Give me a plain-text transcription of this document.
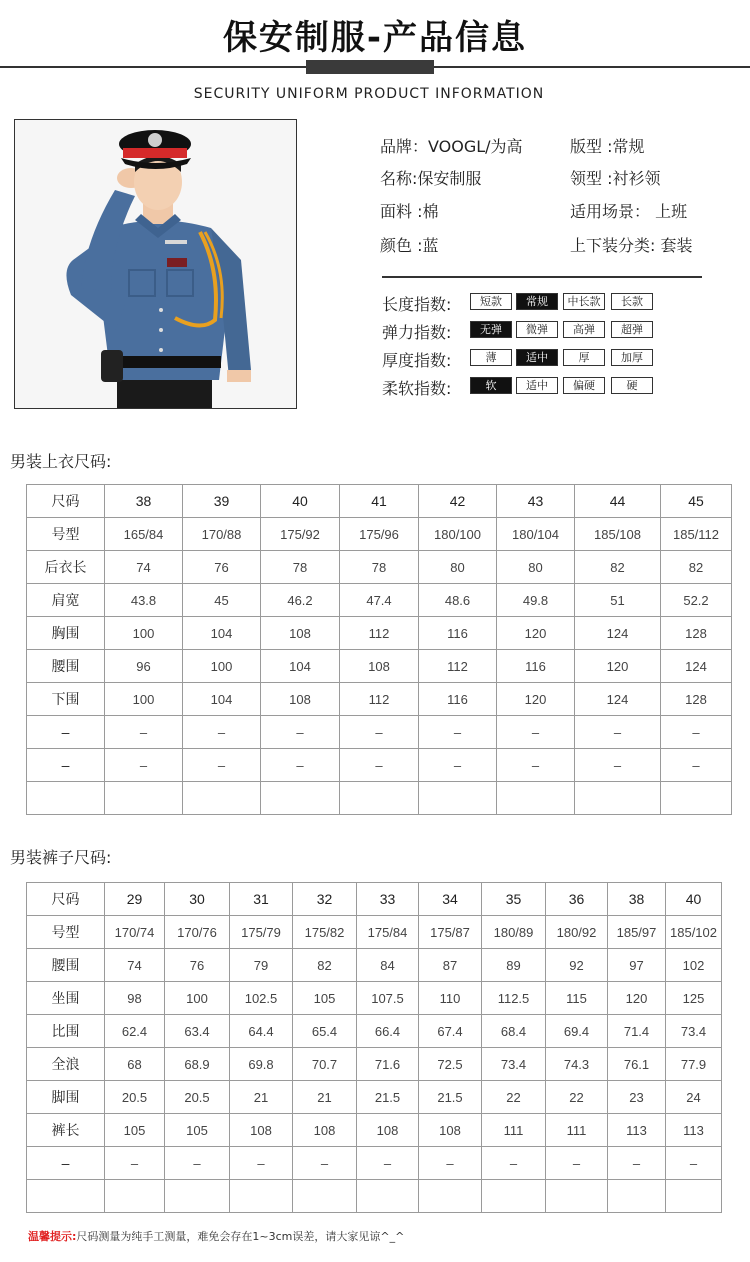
保安制服-产品信息
SECURITY UNIFORM PRODUCT INFORMATION
品牌：VOOGL/为高
名称:保安制服
面料 :棉
颜色 :蓝
版型 :常规
领型 :衬衫领
适用场景： 上班
上下装分类: 套装
长度指数:
弹力指数:
厚度指数:
柔软指数:
短款	常规	中长款	长款
无弹	微弹	高弹	超弹
薄	适中	厚	加厚
软	适中	偏硬	硬
男装上衣尺码:
尺码	38	39	40	41	42	43	44	45
号型	165/84	170/88	175/92	175/96	180/100	180/104	185/108	185/112
后衣长	74	76	78	78	80	80	82	82
肩宽	43.8	45	46.2	47.4	48.6	49.8	51	52.2
胸围	100	104	108	112	116	120	124	128
腰围	96	100	104	108	112	116	120	124
下围	100	104	108	112	116	120	124	128
–	–	–	–	–	–	–	–	–
–	–	–	–	–	–	–	–	–

男装裤子尺码:
尺码	29	30	31	32	33	34	35	36	38	40
号型	170/74	170/76	175/79	175/82	175/84	175/87	180/89	180/92	185/97	185/102
腰围	74	76	79	82	84	87	89	92	97	102
坐围	98	100	102.5	105	107.5	110	112.5	115	120	125
比围	62.4	63.4	64.4	65.4	66.4	67.4	68.4	69.4	71.4	73.4
全浪	68	68.9	69.8	70.7	71.6	72.5	73.4	74.3	76.1	77.9
脚围	20.5	20.5	21	21	21.5	21.5	22	22	23	24
裤长	105	105	108	108	108	108	111	111	113	113
–	–	–	–	–	–	–	–	–	–	–

温馨提示:尺码测量为纯手工测量，难免会存在1~3cm误差，请大家见谅^_^
